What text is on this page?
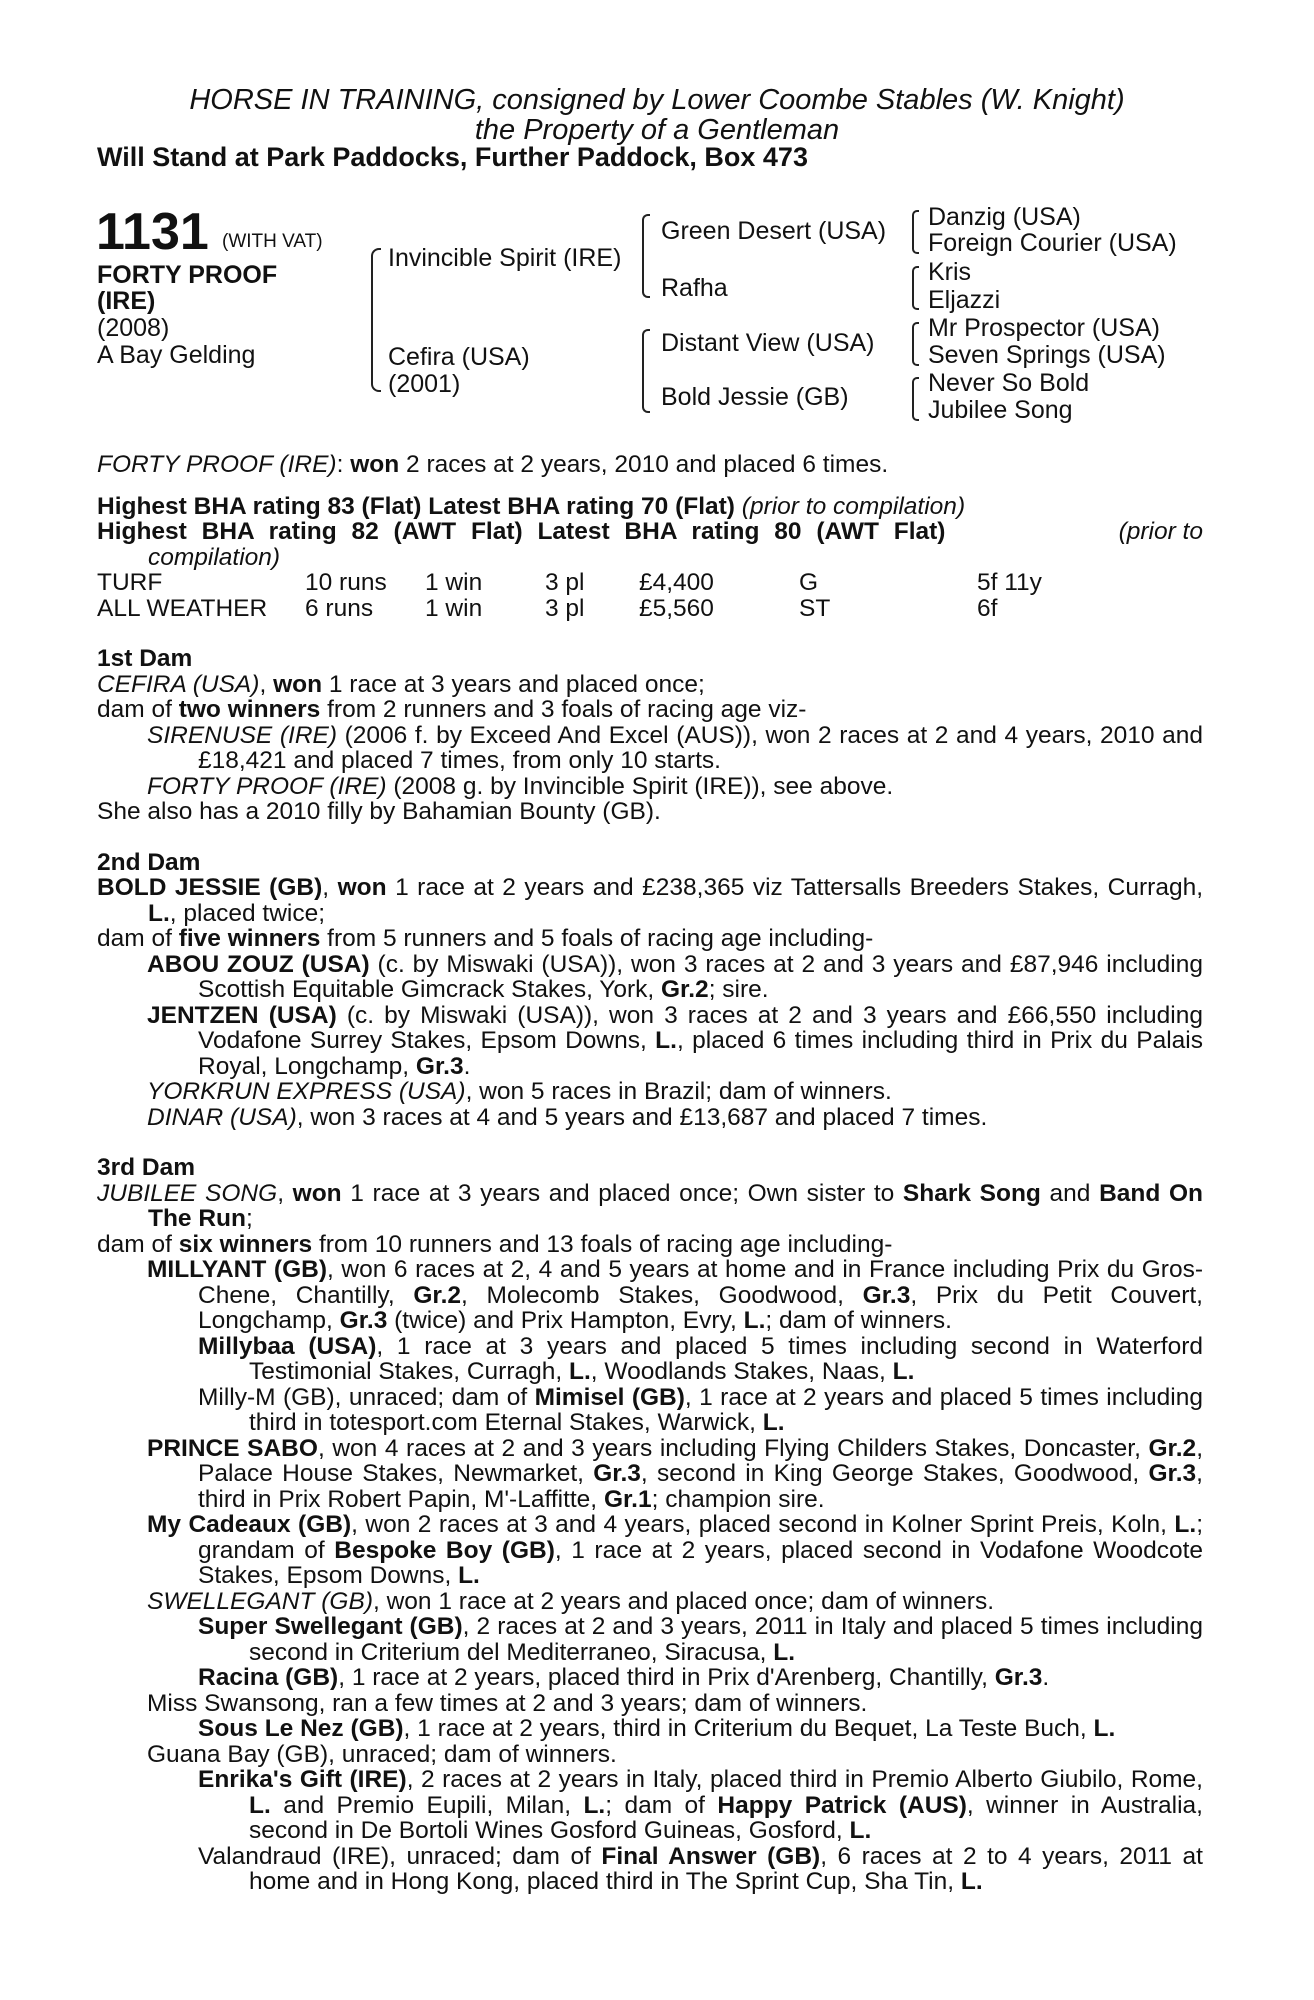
HORSE IN TRAINING, consigned by Lower Coombe Stables (W. Knight)
the Property of a Gentleman
Will Stand at Park Paddocks, Further Paddock, Box 473
1131 (WITH VAT)
FORTY PROOF
(IRE)
(2008)
A Bay Gelding
Invincible Spirit (IRE)
Cefira (USA)
(2001)
Green Desert (USA)
Rafha
Distant View (USA)
Bold Jessie (GB)
Danzig (USA)
Foreign Courier (USA)
Kris
Eljazzi
Mr Prospector (USA)
Seven Springs (USA)
Never So Bold
Jubilee Song

FORTY PROOF (IRE): won 2 races at 2 years, 2010 and placed 6 times.

Highest BHA rating 83 (Flat) Latest BHA rating 70 (Flat) (prior to compilation)

Highest BHA rating 82 (AWT Flat) Latest BHA rating 80 (AWT Flat)	(prior to

compilation)

TURF	10 runs	1 win	3 pl	£4,400	G	5f 11y
ALL WEATHER	6 runs	1 win	3 pl	£5,560	ST	6f

1st Dam

CEFIRA (USA), won 1 race at 3 years and placed once;

dam of two winners from 2 runners and 3 foals of racing age viz-

SIRENUSE (IRE) (2006 f. by Exceed And Excel (AUS)), won 2 races at 2 and 4 years, 2010 and £18,421 and placed 7 times, from only 10 starts.

FORTY PROOF (IRE) (2008 g. by Invincible Spirit (IRE)), see above.

She also has a 2010 filly by Bahamian Bounty (GB).

2nd Dam

BOLD JESSIE (GB), won 1 race at 2 years and £238,365 viz Tattersalls Breeders Stakes, Curragh, L., placed twice;

dam of five winners from 5 runners and 5 foals of racing age including-

ABOU ZOUZ (USA) (c. by Miswaki (USA)), won 3 races at 2 and 3 years and £87,946 including Scottish Equitable Gimcrack Stakes, York, Gr.2; sire.

JENTZEN (USA) (c. by Miswaki (USA)), won 3 races at 2 and 3 years and £66,550 including Vodafone Surrey Stakes, Epsom Downs, L., placed 6 times including third in Prix du Palais Royal, Longchamp, Gr.3.

YORKRUN EXPRESS (USA), won 5 races in Brazil; dam of winners.

DINAR (USA), won 3 races at 4 and 5 years and £13,687 and placed 7 times.

3rd Dam

JUBILEE SONG, won 1 race at 3 years and placed once; Own sister to Shark Song and Band On The Run;

dam of six winners from 10 runners and 13 foals of racing age including-

MILLYANT (GB), won 6 races at 2, 4 and 5 years at home and in France including Prix du Gros-Chene, Chantilly, Gr.2, Molecomb Stakes, Goodwood, Gr.3, Prix du Petit Couvert, Longchamp, Gr.3 (twice) and Prix Hampton, Evry, L.; dam of winners.

Millybaa (USA), 1 race at 3 years and placed 5 times including second in Waterford Testimonial Stakes, Curragh, L., Woodlands Stakes, Naas, L.

Milly-M (GB), unraced; dam of Mimisel (GB), 1 race at 2 years and placed 5 times including third in totesport.com Eternal Stakes, Warwick, L.

PRINCE SABO, won 4 races at 2 and 3 years including Flying Childers Stakes, Doncaster, Gr.2, Palace House Stakes, Newmarket, Gr.3, second in King George Stakes, Goodwood, Gr.3, third in Prix Robert Papin, M'-Laffitte, Gr.1; champion sire.

My Cadeaux (GB), won 2 races at 3 and 4 years, placed second in Kolner Sprint Preis, Koln, L.; grandam of Bespoke Boy (GB), 1 race at 2 years, placed second in Vodafone Woodcote Stakes, Epsom Downs, L.

SWELLEGANT (GB), won 1 race at 2 years and placed once; dam of winners.

Super Swellegant (GB), 2 races at 2 and 3 years, 2011 in Italy and placed 5 times including second in Criterium del Mediterraneo, Siracusa, L.

Racina (GB), 1 race at 2 years, placed third in Prix d'Arenberg, Chantilly, Gr.3.

Miss Swansong, ran a few times at 2 and 3 years; dam of winners.

Sous Le Nez (GB), 1 race at 2 years, third in Criterium du Bequet, La Teste Buch, L.

Guana Bay (GB), unraced; dam of winners.

Enrika's Gift (IRE), 2 races at 2 years in Italy, placed third in Premio Alberto Giubilo, Rome, L. and Premio Eupili, Milan, L.; dam of Happy Patrick (AUS), winner in Australia, second in De Bortoli Wines Gosford Guineas, Gosford, L.

Valandraud (IRE), unraced; dam of Final Answer (GB), 6 races at 2 to 4 years, 2011 at home and in Hong Kong, placed third in The Sprint Cup, Sha Tin, L.
